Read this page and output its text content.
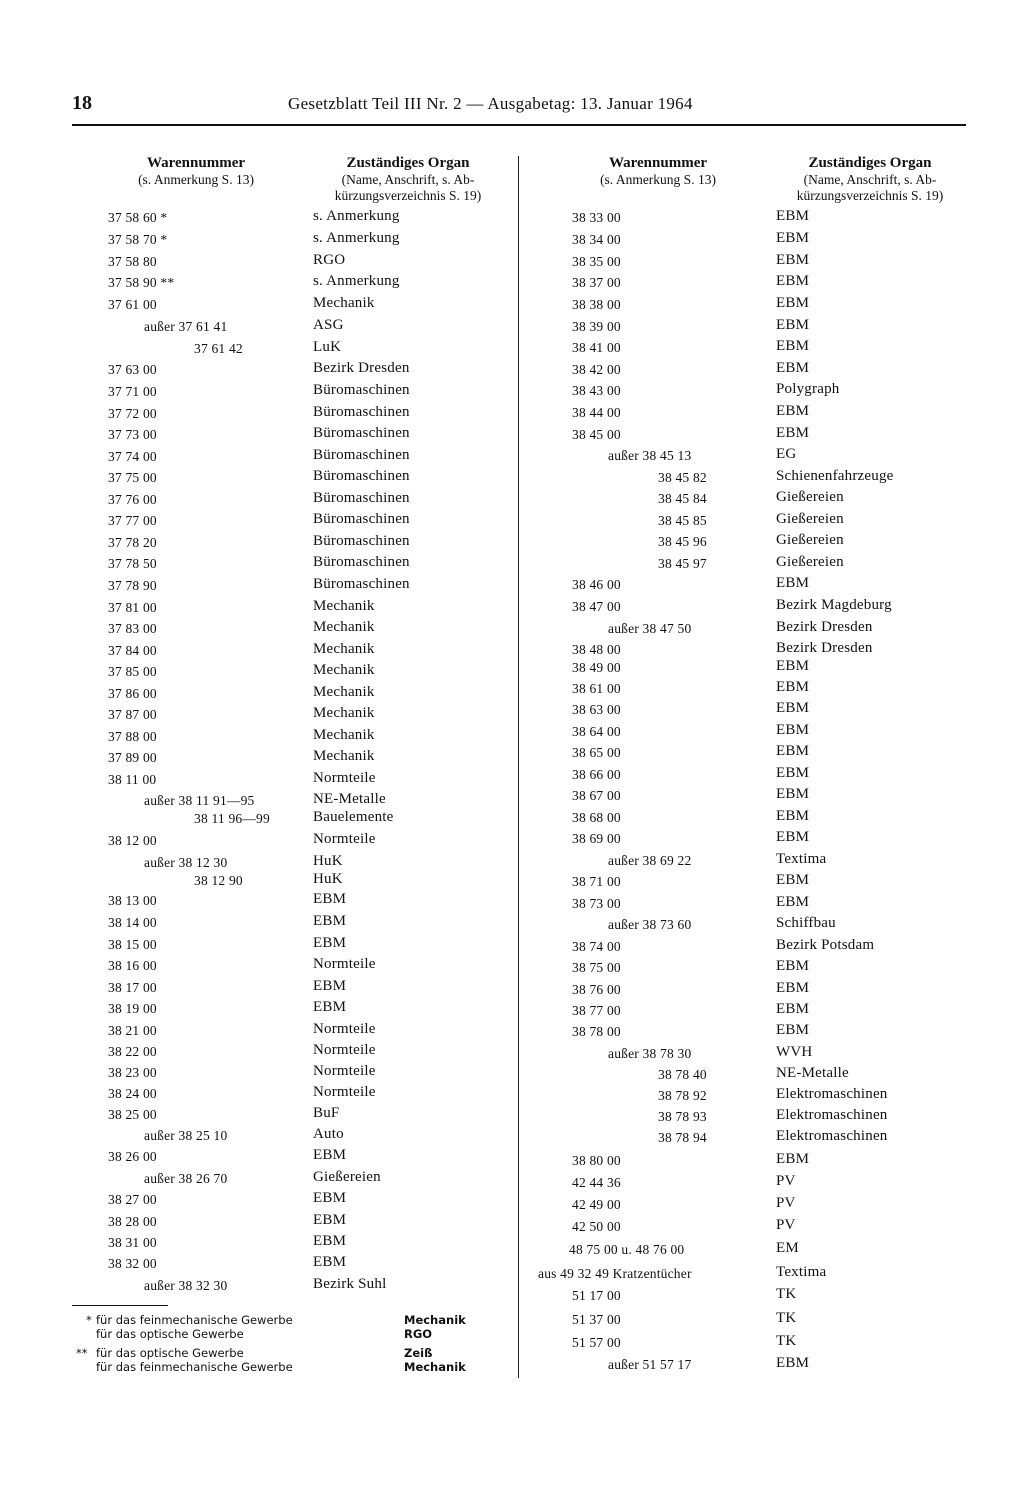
18	Gesetzblatt Teil III Nr. 2 — Ausgabetag: 13. Januar 1964
Warennummer
(s. Anmerkung S. 13)
Zuständiges Organ
(Name, Anschrift, s. Ab-
kürzungsverzeichnis S. 19)
Warennummer
(s. Anmerkung S. 13)
Zuständiges Organ
(Name, Anschrift, s. Ab-
kürzungsverzeichnis S. 19)
37 58 60 *	s. Anmerkung
37 58 70 *	s. Anmerkung
37 58 80	RGO
37 58 90 **	s. Anmerkung
37 61 00	Mechanik
außer 37 61 41	ASG
37 61 42	LuK
37 63 00	Bezirk Dresden
37 71 00	Büromaschinen
37 72 00	Büromaschinen
37 73 00	Büromaschinen
37 74 00	Büromaschinen
37 75 00	Büromaschinen
37 76 00	Büromaschinen
37 77 00	Büromaschinen
37 78 20	Büromaschinen
37 78 50	Büromaschinen
37 78 90	Büromaschinen
37 81 00	Mechanik
37 83 00	Mechanik
37 84 00	Mechanik
37 85 00	Mechanik
37 86 00	Mechanik
37 87 00	Mechanik
37 88 00	Mechanik
37 89 00	Mechanik
38 11 00	Normteile
außer 38 11 91—95	NE-Metalle
38 11 96—99	Bauelemente
38 12 00	Normteile
außer 38 12 30	HuK
38 12 90	HuK
38 13 00	EBM
38 14 00	EBM
38 15 00	EBM
38 16 00	Normteile
38 17 00	EBM
38 19 00	EBM
38 21 00	Normteile
38 22 00	Normteile
38 23 00	Normteile
38 24 00	Normteile
38 25 00	BuF
außer 38 25 10	Auto
38 26 00	EBM
außer 38 26 70	Gießereien
38 27 00	EBM
38 28 00	EBM
38 31 00	EBM
38 32 00	EBM
außer 38 32 30	Bezirk Suhl
38 33 00	EBM
38 34 00	EBM
38 35 00	EBM
38 37 00	EBM
38 38 00	EBM
38 39 00	EBM
38 41 00	EBM
38 42 00	EBM
38 43 00	Polygraph
38 44 00	EBM
38 45 00	EBM
außer 38 45 13	EG
38 45 82	Schienenfahrzeuge
38 45 84	Gießereien
38 45 85	Gießereien
38 45 96	Gießereien
38 45 97	Gießereien
38 46 00	EBM
38 47 00	Bezirk Magdeburg
außer 38 47 50	Bezirk Dresden
38 48 00	Bezirk Dresden
38 49 00	EBM
38 61 00	EBM
38 63 00	EBM
38 64 00	EBM
38 65 00	EBM
38 66 00	EBM
38 67 00	EBM
38 68 00	EBM
38 69 00	EBM
außer 38 69 22	Textima
38 71 00	EBM
38 73 00	EBM
außer 38 73 60	Schiffbau
38 74 00	Bezirk Potsdam
38 75 00	EBM
38 76 00	EBM
38 77 00	EBM
38 78 00	EBM
außer 38 78 30	WVH
38 78 40	NE-Metalle
38 78 92	Elektromaschinen
38 78 93	Elektromaschinen
38 78 94	Elektromaschinen
38 80 00	EBM
42 44 36	PV
42 49 00	PV
42 50 00	PV
48 75 00 u. 48 76 00	EM
aus 49 32 49 Kratzentücher	Textima
51 17 00	TK
51 37 00	TK
51 57 00	TK
außer 51 57 17	EBM
* für das feinmechanische Gewerbe	Mechanik
für das optische Gewerbe	RGO
** für das optische Gewerbe	Zeiß
für das feinmechanische Gewerbe	Mechanik
